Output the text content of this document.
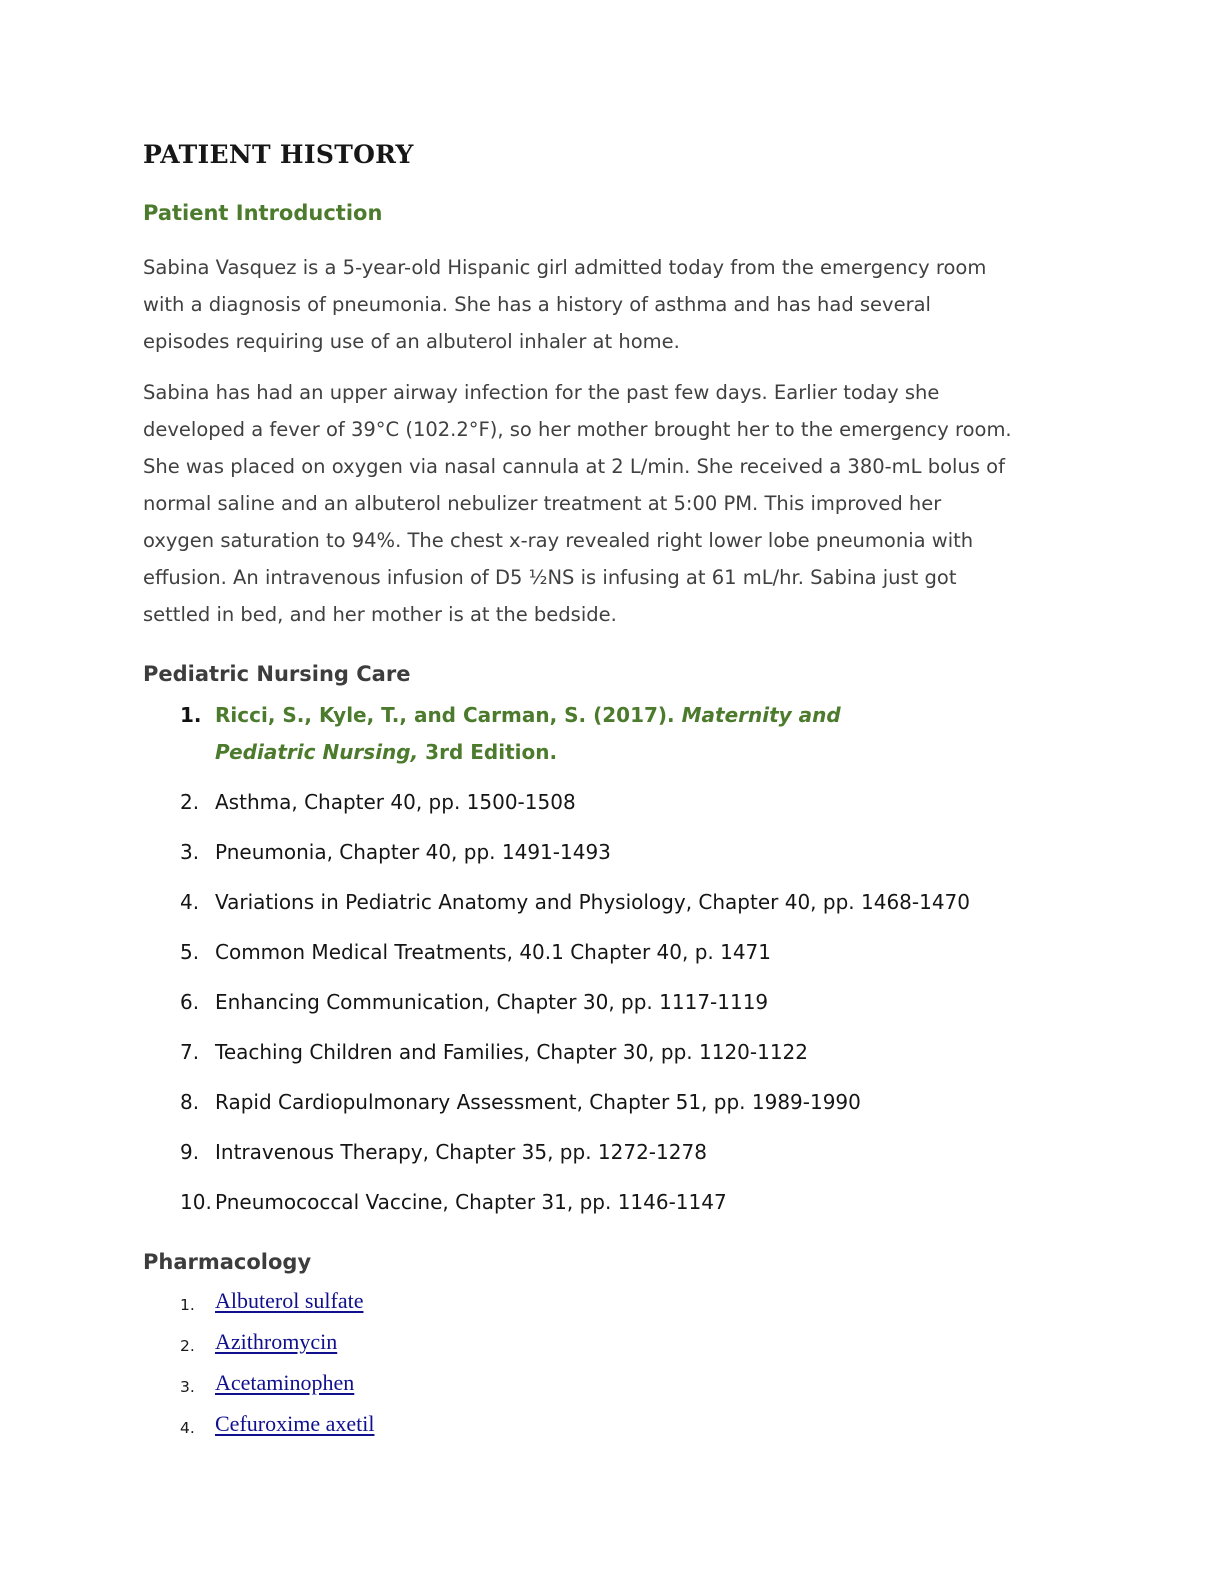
PATIENT HISTORY
Patient Introduction

Sabina Vasquez is a 5-year-old Hispanic girl admitted today from the emergency room
with a diagnosis of pneumonia. She has a history of asthma and has had several
episodes requiring use of an albuterol inhaler at home.

Sabina has had an upper airway infection for the past few days. Earlier today she
developed a fever of 39°C (102.2°F), so her mother brought her to the emergency room.
She was placed on oxygen via nasal cannula at 2 L/min. She received a 380-mL bolus of
normal saline and an albuterol nebulizer treatment at 5:00 PM. This improved her
oxygen saturation to 94%. The chest x-ray revealed right lower lobe pneumonia with
effusion. An intravenous infusion of D5 ½NS is infusing at 61 mL/hr. Sabina just got
settled in bed, and her mother is at the bedside.

Pediatric Nursing Care
1. Ricci, S., Kyle, T., and Carman, S. (2017). Maternity and
Pediatric Nursing, 3rd Edition.
2. Asthma, Chapter 40, pp. 1500-1508
3. Pneumonia, Chapter 40, pp. 1491-1493
4. Variations in Pediatric Anatomy and Physiology, Chapter 40, pp. 1468-1470
5. Common Medical Treatments, 40.1 Chapter 40, p. 1471
6. Enhancing Communication, Chapter 30, pp. 1117-1119
7. Teaching Children and Families, Chapter 30, pp. 1120-1122
8. Rapid Cardiopulmonary Assessment, Chapter 51, pp. 1989-1990
9. Intravenous Therapy, Chapter 35, pp. 1272-1278
10. Pneumococcal Vaccine, Chapter 31, pp. 1146-1147
Pharmacology
1. Albuterol sulfate
2. Azithromycin
3. Acetaminophen
4. Cefuroxime axetil
